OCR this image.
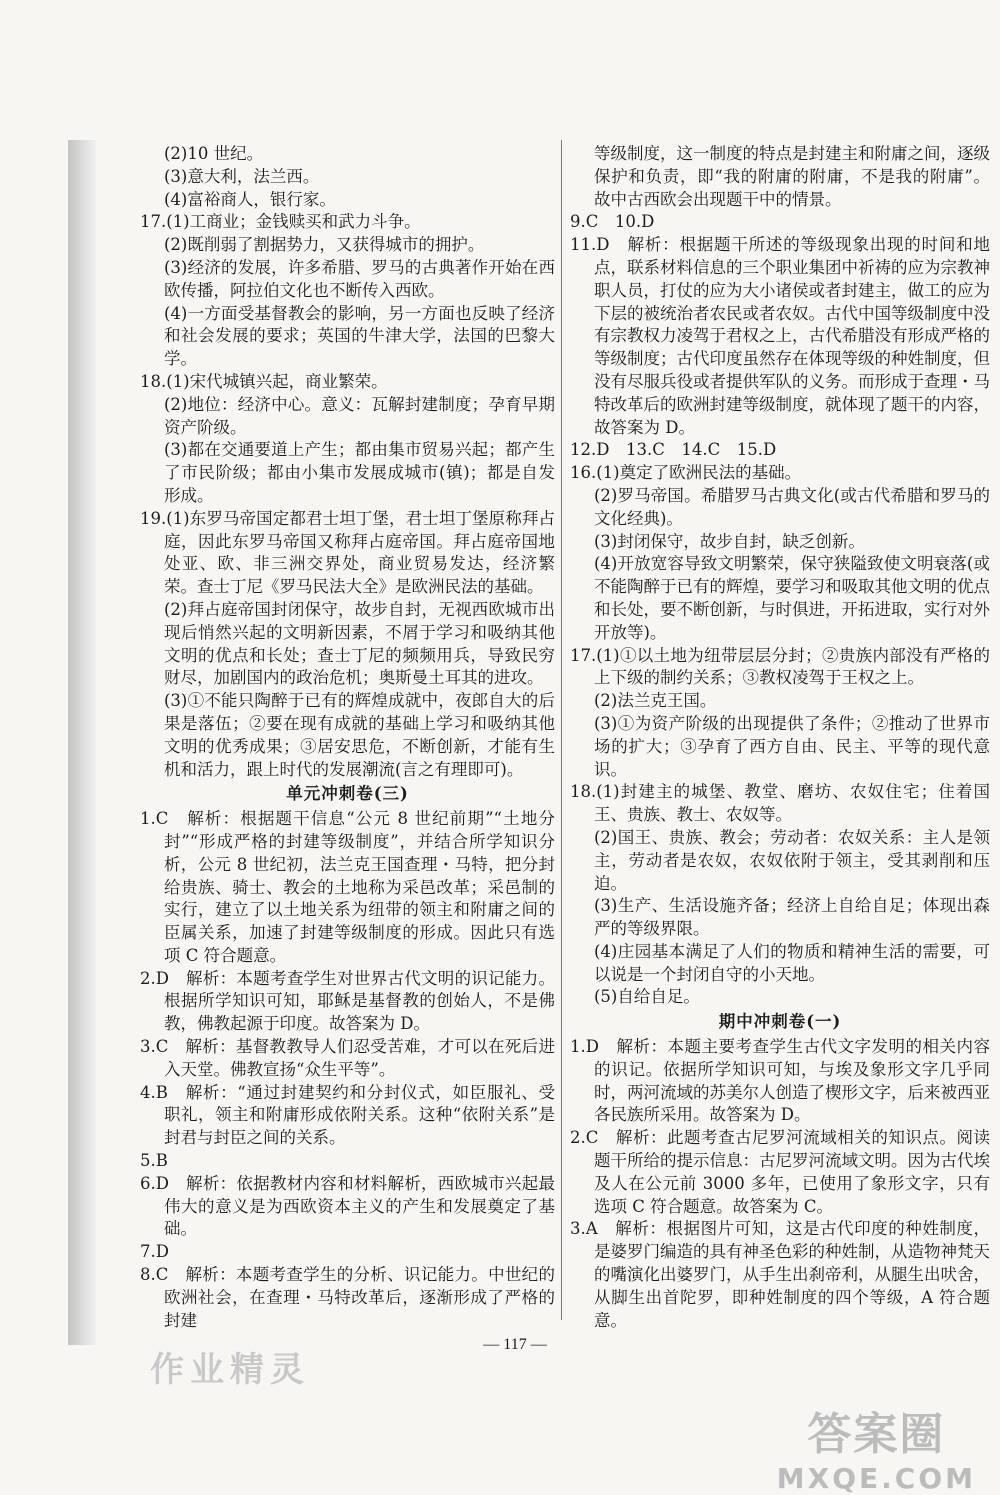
(2)10 世纪。

(3)意大利，法兰西。

(4)富裕商人，银行家。

17.(1)工商业；金钱赎买和武力斗争。

(2)既削弱了割据势力，又获得城市的拥护。

(3)经济的发展，许多希腊、罗马的古典著作开始在西欧传播，阿拉伯文化也不断传入西欧。

(4)一方面受基督教会的影响，另一方面也反映了经济和社会发展的要求；英国的牛津大学，法国的巴黎大学。

18.(1)宋代城镇兴起，商业繁荣。

(2)地位：经济中心。意义：瓦解封建制度；孕育早期资产阶级。

(3)都在交通要道上产生；都由集市贸易兴起；都产生了市民阶级；都由小集市发展成城市(镇)；都是自发形成。

19.(1)东罗马帝国定都君士坦丁堡，君士坦丁堡原称拜占庭，因此东罗马帝国又称拜占庭帝国。拜占庭帝国地处亚、欧、非三洲交界处，商业贸易发达，经济繁荣。查士丁尼《罗马民法大全》是欧洲民法的基础。

(2)拜占庭帝国封闭保守，故步自封，无视西欧城市出现后悄然兴起的文明新因素，不屑于学习和吸纳其他文明的优点和长处；查士丁尼的频频用兵，导致民穷财尽，加剧国内的政治危机；奥斯曼土耳其的进攻。

(3)①不能只陶醉于已有的辉煌成就中，夜郎自大的后果是落伍；②要在现有成就的基础上学习和吸纳其他文明的优秀成果；③居安思危，不断创新，才能有生机和活力，跟上时代的发展潮流(言之有理即可)。

单元冲刺卷(三)

1.C　解析：根据题干信息“公元 8 世纪前期”“土地分封”“形成严格的封建等级制度”，并结合所学知识分析，公元 8 世纪初，法兰克王国查理・马特，把分封给贵族、骑士、教会的土地称为采邑改革；采邑制的实行，建立了以土地关系为纽带的领主和附庸之间的臣属关系，加速了封建等级制度的形成。因此只有选项 C 符合题意。

2.D　解析：本题考查学生对世界古代文明的识记能力。根据所学知识可知，耶稣是基督教的创始人，不是佛教，佛教起源于印度。故答案为 D。

3.C　解析：基督教教导人们忍受苦难，才可以在死后进入天堂。佛教宣扬“众生平等”。

4.B　解析：“通过封建契约和分封仪式，如臣服礼、受职礼，领主和附庸形成依附关系。这种“依附关系”是封君与封臣之间的关系。

5.B

6.D　解析：依据教材内容和材料解析，西欧城市兴起最伟大的意义是为西欧资本主义的产生和发展奠定了基础。

7.D

8.C　解析：本题考查学生的分析、识记能力。中世纪的欧洲社会，在查理・马特改革后，逐渐形成了严格的封建

等级制度，这一制度的特点是封建主和附庸之间，逐级保护和负责，即“我的附庸的附庸，不是我的附庸”。故中古西欧会出现题干中的情景。

9.C　10.D

11.D　解析：根据题干所述的等级现象出现的时间和地点，联系材料信息的三个职业集团中祈祷的应为宗教神职人员，打仗的应为大小诸侯或者封建主，做工的应为下层的被统治者农民或者农奴。古代中国等级制度中没有宗教权力凌驾于君权之上，古代希腊没有形成严格的等级制度；古代印度虽然存在体现等级的种姓制度，但没有尽服兵役或者提供军队的义务。而形成于查理・马特改革后的欧洲封建等级制度，就体现了题干的内容，故答案为 D。

12.D　13.C　14.C　15.D

16.(1)奠定了欧洲民法的基础。

(2)罗马帝国。希腊罗马古典文化(或古代希腊和罗马的文化经典)。

(3)封闭保守，故步自封，缺乏创新。

(4)开放宽容导致文明繁荣，保守狭隘致使文明衰落(或不能陶醉于已有的辉煌，要学习和吸取其他文明的优点和长处，要不断创新，与时俱进，开拓进取，实行对外开放等)。

17.(1)①以土地为纽带层层分封；②贵族内部没有严格的上下级的制约关系；③教权凌驾于王权之上。

(2)法兰克王国。

(3)①为资产阶级的出现提供了条件；②推动了世界市场的扩大；③孕育了西方自由、民主、平等的现代意识。

18.(1)封建主的城堡、教堂、磨坊、农奴住宅；住着国王、贵族、教士、农奴等。

(2)国王、贵族、教会；劳动者：农奴关系：主人是领主，劳动者是农奴，农奴依附于领主，受其剥削和压迫。

(3)生产、生活设施齐备；经济上自给自足；体现出森严的等级界限。

(4)庄园基本满足了人们的物质和精神生活的需要，可以说是一个封闭自守的小天地。

(5)自给自足。

期中冲刺卷(一)

1.D　解析：本题主要考查学生古代文字发明的相关内容的识记。依据所学知识可知，与埃及象形文字几乎同时，两河流域的苏美尔人创造了楔形文字，后来被西亚各民族所采用。故答案为 D。

2.C　解析：此题考查古尼罗河流域相关的知识点。阅读题干所给的提示信息：古尼罗河流域文明。因为古代埃及人在公元前 3000 多年，已使用了象形文字，只有选项 C 符合题意。故答案为 C。

3.A　解析：根据图片可知，这是古代印度的种姓制度，是婆罗门编造的具有神圣色彩的种姓制，从造物神梵天的嘴演化出婆罗门，从手生出刹帝利，从腿生出吠舍，从脚生出首陀罗，即种姓制度的四个等级，A 符合题意。

— 117 —
作业精灵
答案圈
MXQE.COM
